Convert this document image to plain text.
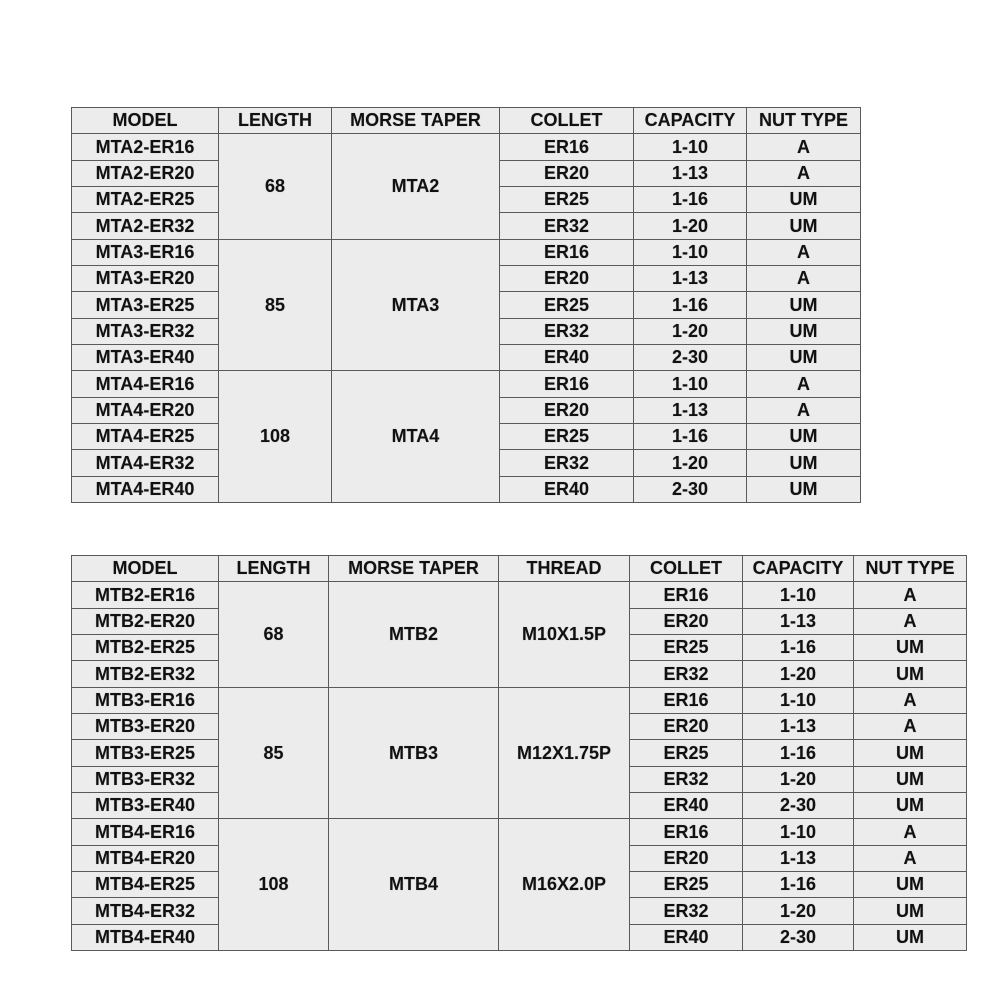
MODEL	LENGTH	MORSE TAPER	COLLET	CAPACITY	NUT TYPE
MTA2-ER16	68	MTA2	ER16	1-10	A
MTA2-ER20			ER20	1-13	A
MTA2-ER25			ER25	1-16	UM
MTA2-ER32			ER32	1-20	UM
MTA3-ER16	85	MTA3	ER16	1-10	A
MTA3-ER20			ER20	1-13	A
MTA3-ER25			ER25	1-16	UM
MTA3-ER32			ER32	1-20	UM
MTA3-ER40			ER40	2-30	UM
MTA4-ER16	108	MTA4	ER16	1-10	A
MTA4-ER20			ER20	1-13	A
MTA4-ER25			ER25	1-16	UM
MTA4-ER32			ER32	1-20	UM
MTA4-ER40			ER40	2-30	UM
MODEL	LENGTH	MORSE TAPER	THREAD	COLLET	CAPACITY	NUT TYPE
MTB2-ER16	68	MTB2	M10X1.5P	ER16	1-10	A
MTB2-ER20				ER20	1-13	A
MTB2-ER25				ER25	1-16	UM
MTB2-ER32				ER32	1-20	UM
MTB3-ER16	85	MTB3	M12X1.75P	ER16	1-10	A
MTB3-ER20				ER20	1-13	A
MTB3-ER25				ER25	1-16	UM
MTB3-ER32				ER32	1-20	UM
MTB3-ER40				ER40	2-30	UM
MTB4-ER16	108	MTB4	M16X2.0P	ER16	1-10	A
MTB4-ER20				ER20	1-13	A
MTB4-ER25				ER25	1-16	UM
MTB4-ER32				ER32	1-20	UM
MTB4-ER40				ER40	2-30	UM
